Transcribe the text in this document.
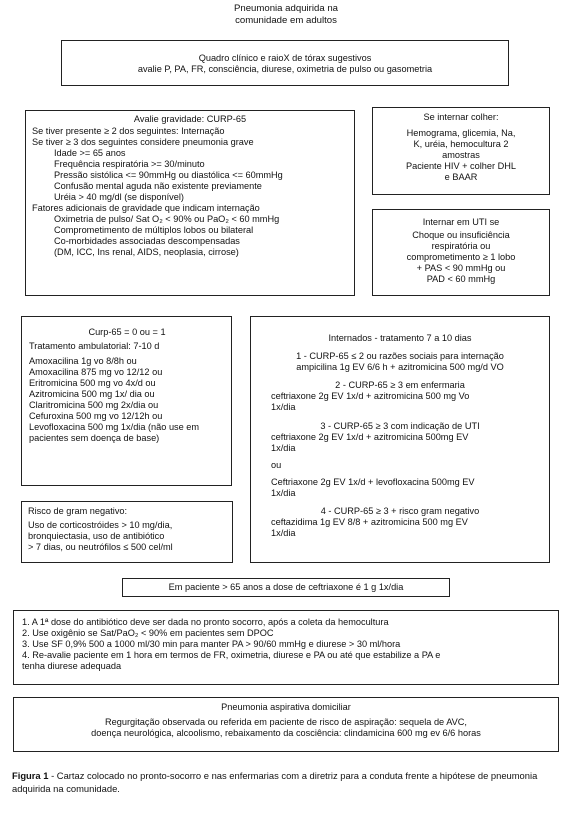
Pneumonia adquirida na
comunidade em adultos
Quadro clínico e raioX de tórax sugestivos
avalie P, PA, FR, consciência, diurese, oximetria de pulso ou gasometria
Avalie gravidade: CURP-65
Se tiver presente ≥ 2 dos seguintes: Internação
Se tiver ≥ 3 dos seguintes considere pneumonia grave
Idade >= 65 anos
Frequência respiratória >= 30/minuto
Pressão sistólica <= 90mmHg ou diastólica <= 60mmHg
Confusão mental aguda não existente previamente
Uréia > 40 mg/dl (se disponível)
Fatores adicionais de gravidade que indicam internação
Oximetria de pulso/ Sat O₂ < 90% ou PaO₂ < 60 mmHg
Comprometimento de múltiplos lobos ou bilateral
Co-morbidades associadas descompensadas
(DM, ICC, Ins renal, AIDS, neoplasia, cirrose)
Se internar colher:
Hemograma, glicemia, Na,
K, uréia, hemocultura 2
amostras
Paciente HIV + colher DHL
e BAAR
Internar em UTI se
Choque ou insuficiência
respiratória ou
comprometimento ≥ 1 lobo
+ PAS < 90 mmHg ou
PAD < 60 mmHg
Curp-65 = 0 ou = 1
Tratamento ambulatorial: 7-10 d
Amoxacilina 1g vo 8/8h ou
Amoxacilina 875 mg vo 12/12 ou
Eritromicina 500 mg vo 4x/d ou
Azitromicina 500 mg 1x/ dia ou
Claritromicina 500 mg 2x/dia ou
Cefuroxina 500 mg vo 12/12h ou
Levofloxacina 500 mg 1x/dia (não use em
pacientes sem doença de base)
Internados - tratamento 7 a 10 dias
1 - CURP-65 ≤ 2 ou razões sociais para internação
ampicilina 1g EV 6/6 h + azitromicina 500 mg/d VO
2 - CURP-65 ≥ 3 em enfermaria
ceftriaxone 2g EV 1x/d + azitromicina 500 mg Vo
1x/dia
3 - CURP-65 ≥ 3 com indicação de UTI
ceftriaxone 2g EV 1x/d + azitromicina 500mg EV
1x/dia
ou
Ceftriaxone 2g EV 1x/d + levofloxacina 500mg EV
1x/dia
4 - CURP-65 ≥ 3 + risco gram negativo
ceftazidima 1g EV 8/8 + azitromicina 500 mg EV
1x/dia
Risco de gram negativo:
Uso de corticostróides > 10 mg/dia,
bronquiectasia, uso de antibiótico
> 7 dias, ou neutrófilos ≤ 500 cel/ml
Em paciente > 65 anos a dose de ceftriaxone é 1 g 1x/dia
1. A 1ª dose do antibiótico deve ser dada no pronto socorro, após a coleta da hemocultura
2. Use oxigênio se Sat/PaO₂ < 90% em pacientes sem DPOC
3. Use SF 0,9% 500 a 1000 ml/30 min para manter PA > 90/60 mmHg e diurese > 30 ml/hora
4. Re-avalie paciente em 1 hora em termos de FR, oximetria, diurese e PA ou até que estabilize a PA e
tenha diurese adequada
Pneumonia aspirativa domiciliar
Regurgitação observada ou referida em paciente de risco de aspiração: sequela de AVC,
doença neurológica, alcoolismo, rebaixamento da cosciência: clindamicina 600 mg ev 6/6 horas
Figura 1 - Cartaz colocado no pronto-socorro e nas enfermarias com a diretriz para a conduta frente a hipótese de pneumonia adquirida na comunidade.
